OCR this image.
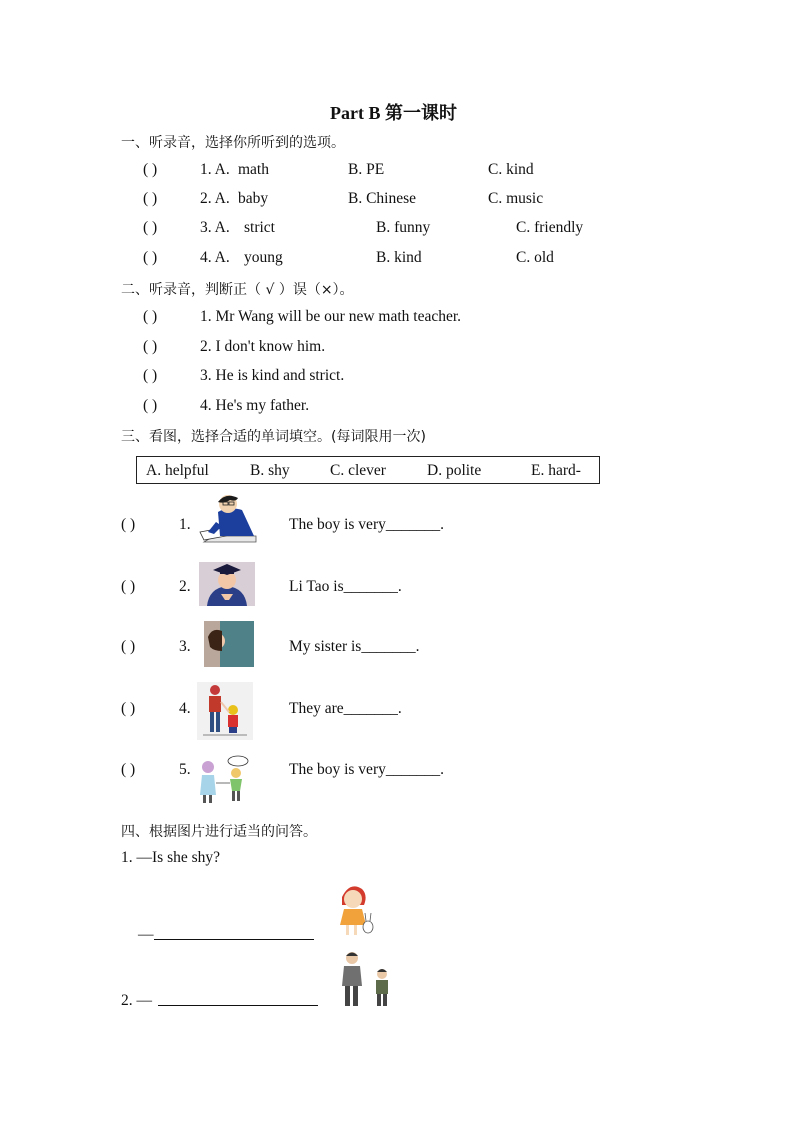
Part B 第一课时
一、听录音，选择你所听到的选项。
( )	1. A. math	B. PE	C. kind
( )	2. A. baby	B. Chinese	C. music
( )	3. A. strict	B. funny	C. friendly
( )	4. A. young	B. kind	C. old
二、听录音，判断正（ √ ）误（×）。
( )	1. Mr Wang will be our new math teacher.
( )	2. I don't know him.
( )	3. He is kind and strict.
( )	4. He's my father.
三、看图，选择合适的单词填空。(每词限用一次)
A. helpful	B. shy	C. clever	D. polite	E. hard-
( )	1.	The boy is very_______.
( )	2.	Li Tao is_______.
( )	3.	My sister is_______.
( )	4.	They are_______.
( )	5.	The boy is very_______.
四、根据图片进行适当的问答。
1. —Is she shy?
—
2. —
